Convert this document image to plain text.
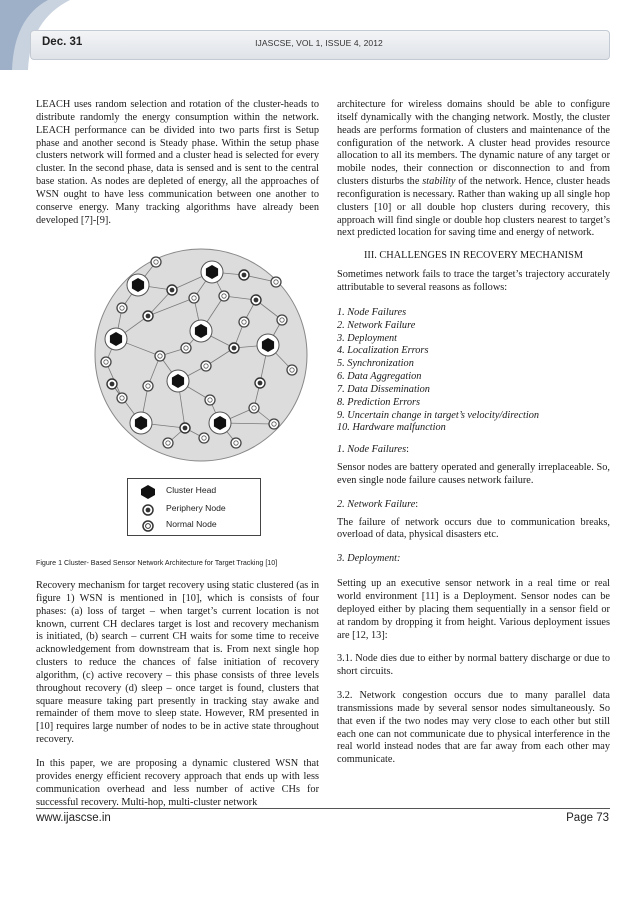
Dec. 31	IJASCSE, VOL 1, ISSUE 4, 2012

LEACH uses random selection and rotation of the cluster-heads to distribute randomly the energy consumption within the network. LEACH performance can be divided into two parts first is Setup phase and another second is Steady phase. Within the setup phase clusters network will formed and a cluster head is selected for every cluster. In the second phase, data is sensed and is sent to the central base station. As nodes are depleted of energy, all the approaches of WSN ought to have less communication between one another to conserve energy. Many tracking algorithms have already been developed [7]-[9].

Cluster Head
Periphery Node
Normal Node
Figure 1 Cluster- Based Sensor Network Architecture for Target Tracking [10]

Recovery mechanism for target recovery using static clustered (as in figure 1) WSN is mentioned in [10], which is consists of four phases: (a) loss of target – when target’s current location is not known, current CH declares target is lost and recovery mechanism is initiated, (b) search – current CH waits for some time to receive acknowledgement from downstream that is. From next single hop clusters to reduce the chances of false initiation of recovery algorithm, (c) active recovery – this phase consists of three levels throughout recovery (d) sleep – once target is found, clusters that square measure taking part presently in tracking stay awake and remainder of them move to sleep state. However, RM presented in [10] requires large number of nodes to be in active state throughout recovery.

In this paper, we are proposing a dynamic clustered WSN that provides energy efficient recovery approach that ends up with less communication overhead and less number of active CHs for successful recovery. Multi-hop, multi-cluster network

architecture for wireless domains should be able to configure itself dynamically with the changing network. Mostly, the cluster heads are performs formation of clusters and maintenance of the configuration of the network. A cluster head provides resource allocation to all its members. The dynamic nature of any target or mobile nodes, their connection or disconnection to and from clusters disturbs the stability of the network. Hence, cluster heads reconfiguration is necessary. Rather than waking up all single hop clusters [10] or all double hop clusters during recovery, this approach will find single or double hop clusters nearest to target’s next predicted location for saving time and energy of network.

III. CHALLENGES IN RECOVERY MECHANISM

Sometimes network fails to trace the target’s trajectory accurately attributable to several reasons as follows:

1. Node Failures

2. Network Failure

3. Deployment

4. Localization Errors

5. Synchronization

6. Data Aggregation

7. Data Dissemination

8. Prediction Errors

9. Uncertain change in target’s velocity/direction

10. Hardware malfunction

1. Node Failures:

Sensor nodes are battery operated and generally irreplaceable. So, even single node failure causes network failure.

2. Network Failure:

The failure of network occurs due to communication breaks, overload of data, physical disasters etc.

3. Deployment:

Setting up an executive sensor network in a real time or real world environment [11] is a Deployment. Sensor nodes can be deployed either by placing them sequentially in a sensor field or at random by dropping it from height. Various deployment issues are [12, 13]:

3.1. Node dies due to either by normal battery discharge or due to short circuits.

3.2. Network congestion occurs due to many parallel data transmissions made by several sensor nodes simultaneously. So that even if the two nodes may very close to each other but still each one can not communicate due to physical interference in the real world instead nodes that are far away from each other may communicate.

www.ijascse.in	Page 73
